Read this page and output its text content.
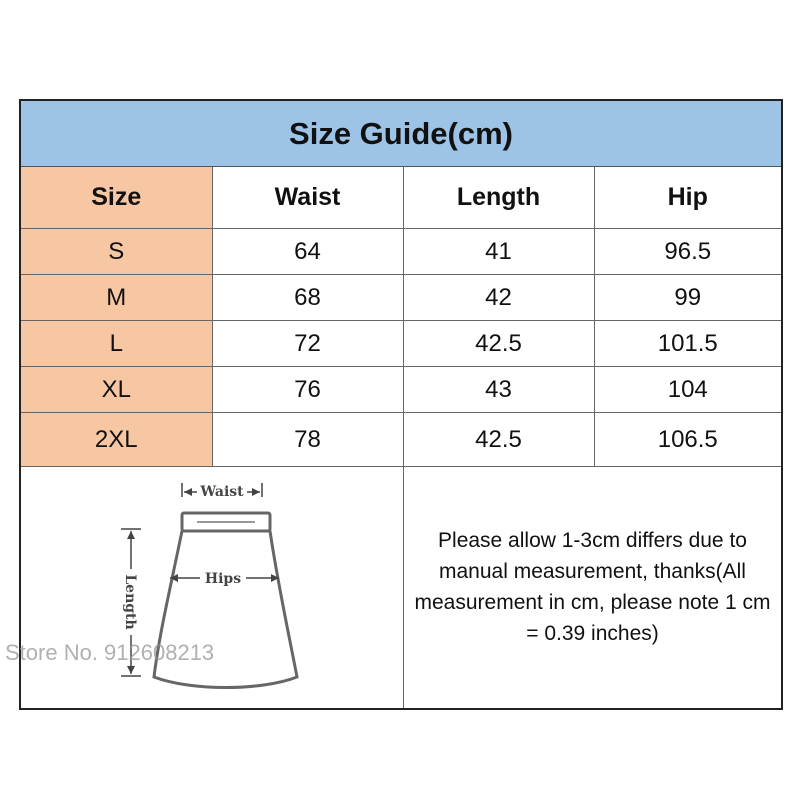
Size Guide(cm)
Size	Waist	Length	Hip
S	64	41	96.5
M	68	42	99
L	72	42.5	101.5
XL	76	43	104
2XL	78	42.5	106.5
Waist
Hips
Length
Please allow 1-3cm differs due to manual measurement, thanks(All measurement in cm, please note 1 cm = 0.39 inches)
Store No. 912608213
